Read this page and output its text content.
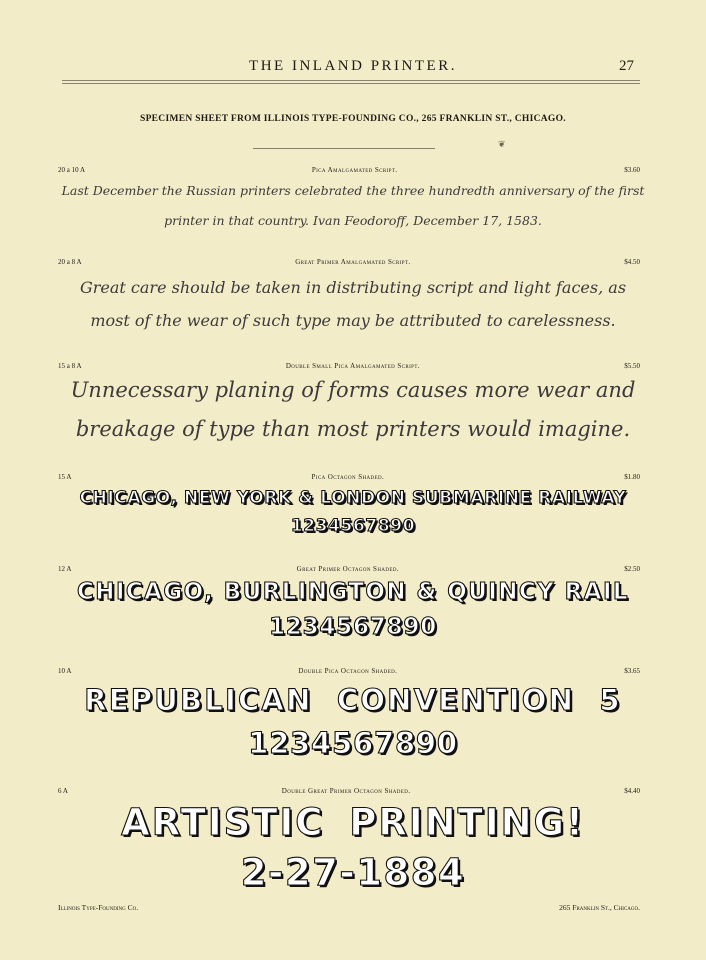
THE INLAND PRINTER.	27
SPECIMEN SHEET FROM ILLINOIS TYPE-FOUNDING CO., 265 FRANKLIN ST., CHICAGO.
❦
20 a 10 A	Pica Amalgamated Script.	$3.60
Last December the Russian printers celebrated the three hundredth anniversary of the first
printer in that country. Ivan Feodoroff, December 17, 1583.
20 a 8 A	Great Primer Amalgamated Script.	$4.50
Great care should be taken in distributing script and light faces, as
most of the wear of such type may be attributed to carelessness.
15 a 8 A	Double Small Pica Amalgamated Script.	$5.50
Unnecessary planing of forms causes more wear and
breakage of type than most printers would imagine.
15 A	Pica Octagon Shaded.	$1.80
CHICAGO, NEW YORK & LONDON SUBMARINE RAILWAY
1234567890
12 A	Great Primer Octagon Shaded.	$2.50
CHICAGO, BURLINGTON & QUINCY RAIL
1234567890
10 A	Double Pica Octagon Shaded.	$3.65
REPUBLICAN CONVENTION 5
1234567890
6 A	Double Great Primer Octagon Shaded.	$4.40
ARTISTIC PRINTING!
2-27-1884
Illinois Type-Founding Co.	265 Franklin St., Chicago.
